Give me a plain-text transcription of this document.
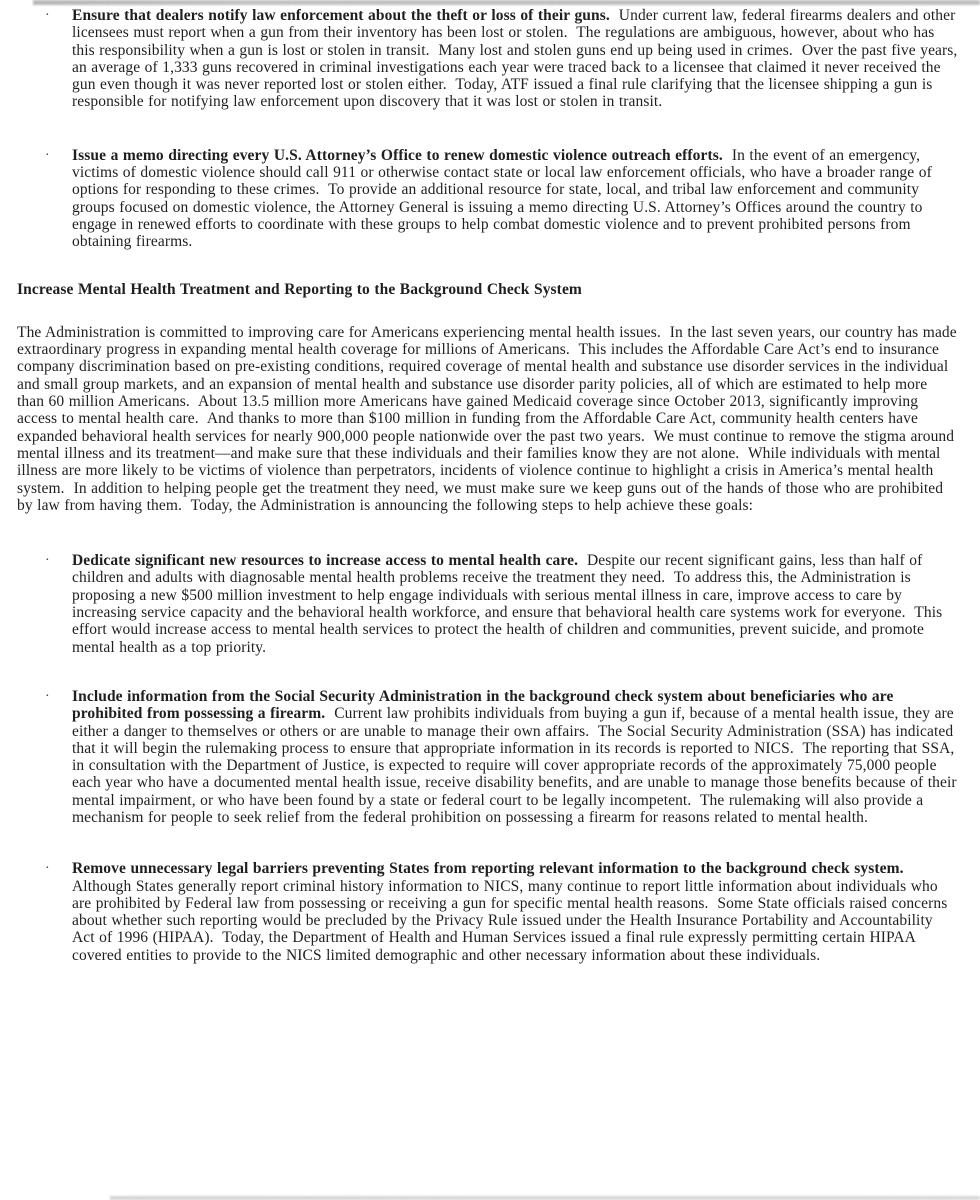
·	Ensure that dealers notify law enforcement about the theft or loss of their guns.  Under current law, federal firearms dealers and other licensees must report when a gun from their inventory has been lost or stolen.  The regulations are ambiguous, however, about who has this responsibility when a gun is lost or stolen in transit.  Many lost and stolen guns end up being used in crimes.  Over the past five years, an average of 1,333 guns recovered in criminal investigations each year were traced back to a licensee that claimed it never received the gun even though it was never reported lost or stolen either.  Today, ATF issued a final rule clarifying that the licensee shipping a gun is responsible for notifying law enforcement upon discovery that it was lost or stolen in transit.

·	Issue a memo directing every U.S. Attorney’s Office to renew domestic violence outreach efforts.  In the event of an emergency, victims of domestic violence should call 911 or otherwise contact state or local law enforcement officials, who have a broader range of options for responding to these crimes.  To provide an additional resource for state, local, and tribal law enforcement and community groups focused on domestic violence, the Attorney General is issuing a memo directing U.S. Attorney’s Offices around the country to engage in renewed efforts to coordinate with these groups to help combat domestic violence and to prevent prohibited persons from obtaining firearms.

Increase Mental Health Treatment and Reporting to the Background Check System

The Administration is committed to improving care for Americans experiencing mental health issues.  In the last seven years, our country has made extraordinary progress in expanding mental health coverage for millions of Americans.  This includes the Affordable Care Act’s end to insurance company discrimination based on pre-existing conditions, required coverage of mental health and substance use disorder services in the individual and small group markets, and an expansion of mental health and substance use disorder parity policies, all of which are estimated to help more than 60 million Americans.  About 13.5 million more Americans have gained Medicaid coverage since October 2013, significantly improving access to mental health care.  And thanks to more than $100 million in funding from the Affordable Care Act, community health centers have expanded behavioral health services for nearly 900,000 people nationwide over the past two years.  We must continue to remove the stigma around mental illness and its treatment—and make sure that these individuals and their families know they are not alone.  While individuals with mental illness are more likely to be victims of violence than perpetrators, incidents of violence continue to highlight a crisis in America’s mental health system.  In addition to helping people get the treatment they need, we must make sure we keep guns out of the hands of those who are prohibited by law from having them.  Today, the Administration is announcing the following steps to help achieve these goals:

·	Dedicate significant new resources to increase access to mental health care.  Despite our recent significant gains, less than half of children and adults with diagnosable mental health problems receive the treatment they need.  To address this, the Administration is proposing a new $500 million investment to help engage individuals with serious mental illness in care, improve access to care by increasing service capacity and the behavioral health workforce, and ensure that behavioral health care systems work for everyone.  This effort would increase access to mental health services to protect the health of children and communities, prevent suicide, and promote mental health as a top priority.

·	Include information from the Social Security Administration in the background check system about beneficiaries who are prohibited from possessing a firearm.  Current law prohibits individuals from buying a gun if, because of a mental health issue, they are either a danger to themselves or others or are unable to manage their own affairs.  The Social Security Administration (SSA) has indicated that it will begin the rulemaking process to ensure that appropriate information in its records is reported to NICS.  The reporting that SSA, in consultation with the Department of Justice, is expected to require will cover appropriate records of the approximately 75,000 people each year who have a documented mental health issue, receive disability benefits, and are unable to manage those benefits because of their mental impairment, or who have been found by a state or federal court to be legally incompetent.  The rulemaking will also provide a mechanism for people to seek relief from the federal prohibition on possessing a firearm for reasons related to mental health.

·	Remove unnecessary legal barriers preventing States from reporting relevant information to the background check system.  Although States generally report criminal history information to NICS, many continue to report little information about individuals who are prohibited by Federal law from possessing or receiving a gun for specific mental health reasons.  Some State officials raised concerns about whether such reporting would be precluded by the Privacy Rule issued under the Health Insurance Portability and Accountability Act of 1996 (HIPAA).  Today, the Department of Health and Human Services issued a final rule expressly permitting certain HIPAA covered entities to provide to the NICS limited demographic and other necessary information about these individuals.
